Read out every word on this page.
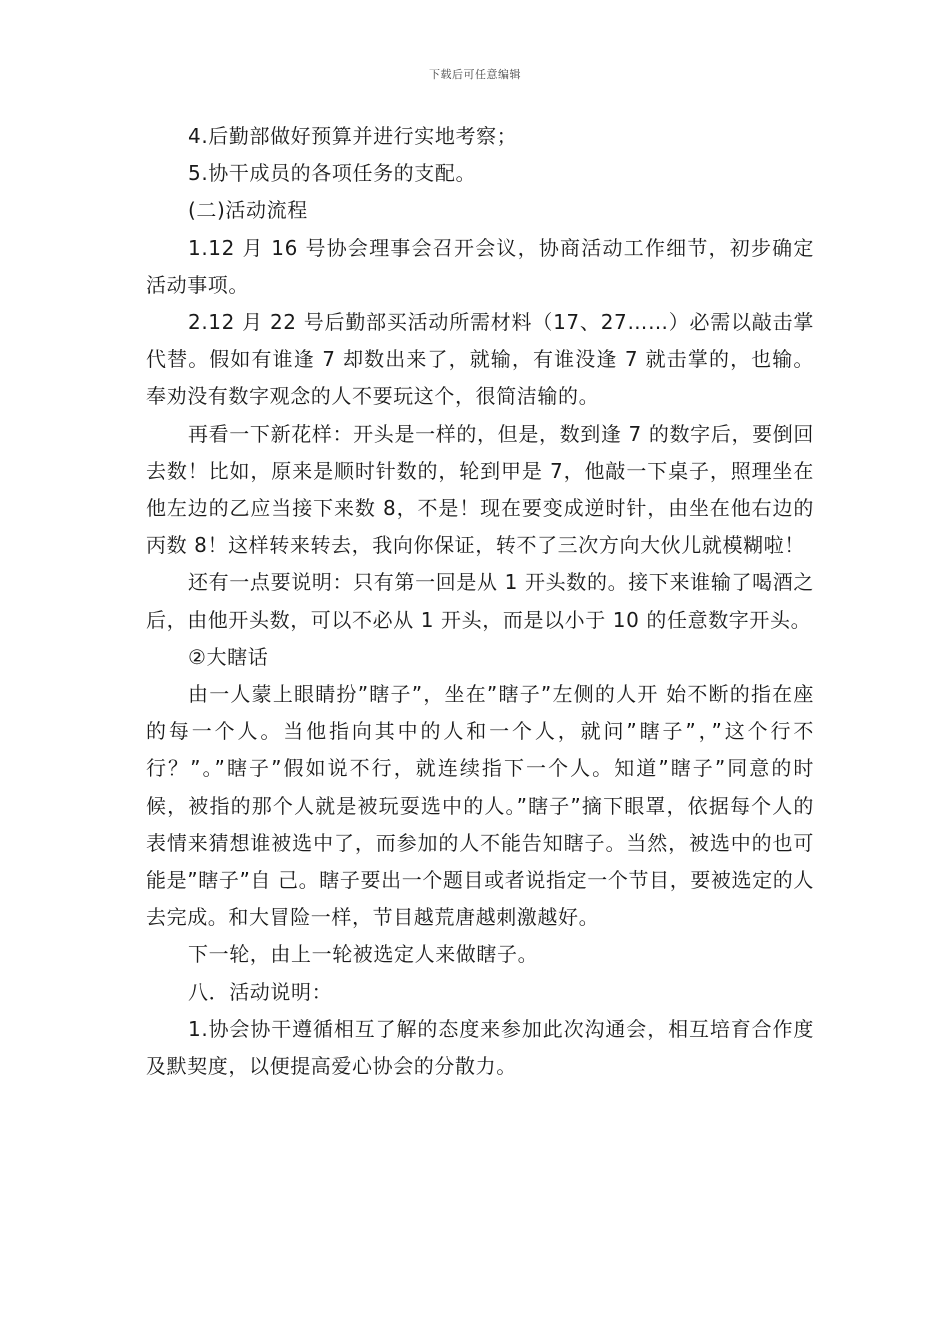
下载后可任意编辑

4.后勤部做好预算并进行实地考察；

5.协干成员的各项任务的支配。

(二)活动流程

1.12 月 16 号协会理事会召开会议，协商活动工作细节，初步确定活动事项。

2.12 月 22 号后勤部买活动所需材料（17、27……）必需以敲击掌代替。假如有谁逢 7 却数出来了，就输，有谁没逢 7 就击掌的，也输。奉劝没有数字观念的人不要玩这个，很简洁输的。

再看一下新花样：开头是一样的，但是，数到逢 7 的数字后，要倒回去数！比如，原来是顺时针数的，轮到甲是 7，他敲一下桌子，照理坐在他左边的乙应当接下来数 8，不是！现在要变成逆时针，由坐在他右边的丙数 8！这样转来转去，我向你保证，转不了三次方向大伙儿就模糊啦！

还有一点要说明：只有第一回是从 1 开头数的。接下来谁输了喝酒之后，由他开头数，可以不必从 1 开头，而是以小于 10 的任意数字开头。

②大瞎话

由一人蒙上眼睛扮”瞎子”，坐在”瞎子”左侧的人开 始不断的指在座的每一个人。当他指向其中的人和一个人，就问”瞎子”，”这个行不行？”。”瞎子”假如说不行，就连续指下一个人。知道”瞎子”同意的时 候，被指的那个人就是被玩耍选中的人。”瞎子”摘下眼罩，依据每个人的表情来猜想谁被选中了，而参加的人不能告知瞎子。当然，被选中的也可能是”瞎子”自 己。瞎子要出一个题目或者说指定一个节目，要被选定的人去完成。和大冒险一样，节目越荒唐越刺激越好。

下一轮，由上一轮被选定人来做瞎子。

八．活动说明：

1.协会协干遵循相互了解的态度来参加此次沟通会，相互培育合作度及默契度，以便提高爱心协会的分散力。
